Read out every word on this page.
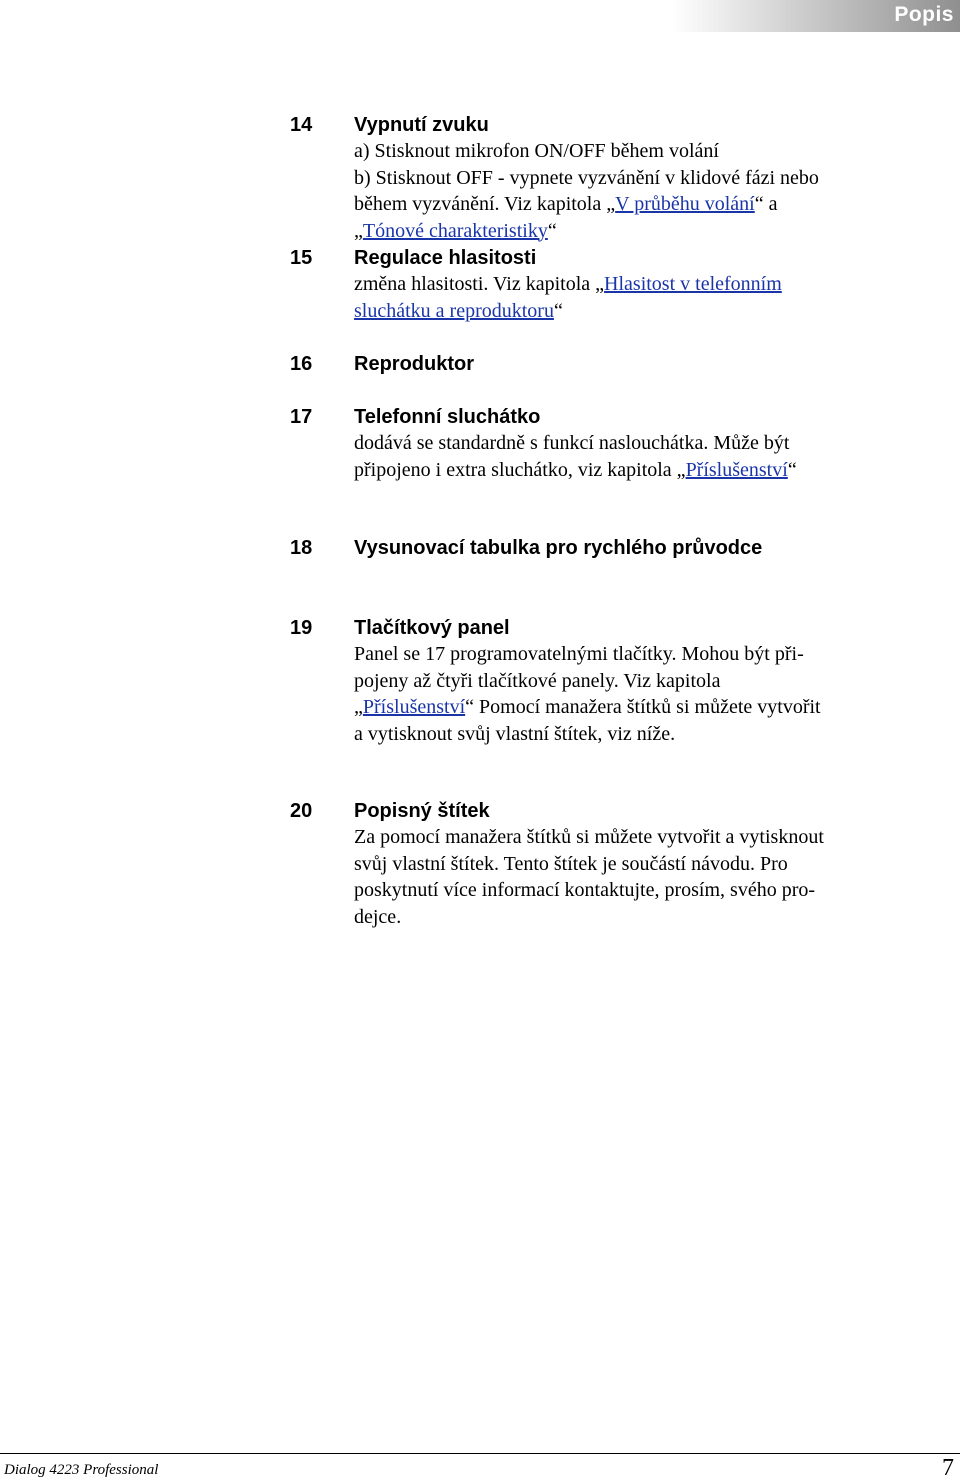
Popis
14 Vypnutí zvuku
a) Stisknout mikrofon ON/OFF během volání
b) Stisknout OFF - vypnete vyzvánění v klidové fázi nebo
během vyzvánění. Viz kapitola „V průběhu volání“ a
„Tónové charakteristiky“
15 Regulace hlasitosti
změna hlasitosti. Viz kapitola „Hlasitost v telefonním
sluchátku a reproduktoru“
16 Reproduktor
17 Telefonní sluchátko
dodává se standardně s funkcí naslouchátka. Může být
připojeno i extra sluchátko, viz kapitola „Příslušenství“
18 Vysunovací tabulka pro rychlého průvodce
19 Tlačítkový panel
Panel se 17 programovatelnými tlačítky. Mohou být při-
pojeny až čtyři tlačítkové panely. Viz kapitola
„Příslušenství“ Pomocí manažera štítků si můžete vytvořit
a vytisknout svůj vlastní štítek, viz níže.
20 Popisný štítek
Za pomocí manažera štítků si můžete vytvořit a vytisknout
svůj vlastní štítek. Tento štítek je součástí návodu. Pro
poskytnutí více informací kontaktujte, prosím, svého pro-
dejce.
Dialog 4223 Professional	7
